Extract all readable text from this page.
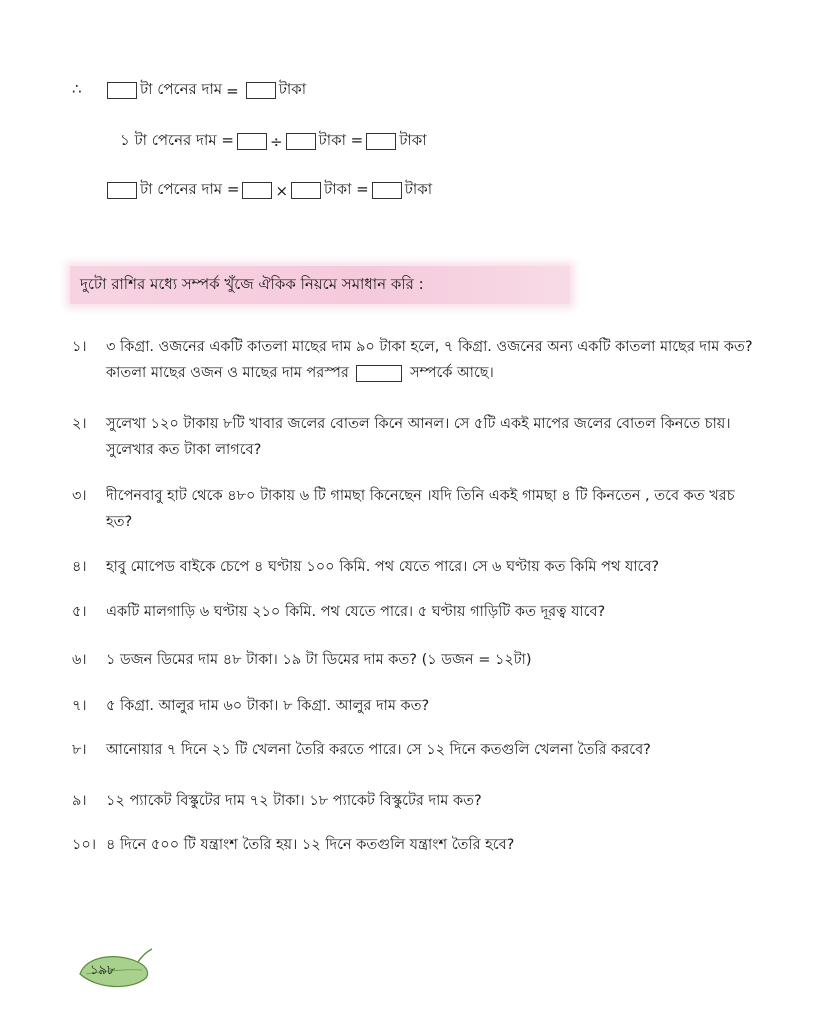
∴	টা পেনের দাম =	টাকা
১ টা পেনের দাম = ÷ টাকা = টাকা
টা পেনের দাম = × টাকা = টাকা
দুটো রাশির মধ্যে সম্পর্ক খুঁজে ঐকিক নিয়মে সমাধান করি :
১।	৩ কিগ্রা. ওজনের একটি কাতলা মাছের দাম ৯০ টাকা হলে, ৭ কিগ্রা. ওজনের অন্য একটি কাতলা মাছের দাম কত? কাতলা মাছের ওজন ও মাছের দাম পরস্পর	সম্পর্কে আছে।
২।	সুলেখা ১২০ টাকায় ৮টি খাবার জলের বোতল কিনে আনল। সে ৫টি একই মাপের জলের বোতল কিনতে চায়। সুলেখার কত টাকা লাগবে?
৩।	দীপেনবাবু হাট থেকে ৪৮০ টাকায় ৬ টি গামছা কিনেছেন ।যদি তিনি একই গামছা ৪ টি কিনতেন , তবে কত খরচ হত?
৪।	হাবু মোপেড বাইকে চেপে ৪ ঘণ্টায় ১০০ কিমি. পথ যেতে পারে। সে ৬ ঘণ্টায় কত কিমি পথ যাবে?
৫।	একটি মালগাড়ি ৬ ঘণ্টায় ২১০ কিমি. পথ যেতে পারে। ৫ ঘণ্টায় গাড়িটি কত দূরত্ব যাবে?
৬।	১ ডজন ডিমের দাম ৪৮ টাকা। ১৯ টা ডিমের দাম কত? (১ ডজন = ১২টা)
৭।	৫ কিগ্রা. আলুর দাম ৬০ টাকা। ৮ কিগ্রা. আলুর দাম কত?
৮।	আনোয়ার ৭ দিনে ২১ টি খেলনা তৈরি করতে পারে। সে ১২ দিনে কতগুলি খেলনা তৈরি করবে?
৯।	১২ প্যাকেট বিস্কুটের দাম ৭২ টাকা। ১৮ প্যাকেট বিস্কুটের দাম কত?
১০। ৪ দিনে ৫০০ টি যন্ত্রাংশ তৈরি হয়। ১২ দিনে কতগুলি যন্ত্রাংশ তৈরি হবে?
১৯৮
